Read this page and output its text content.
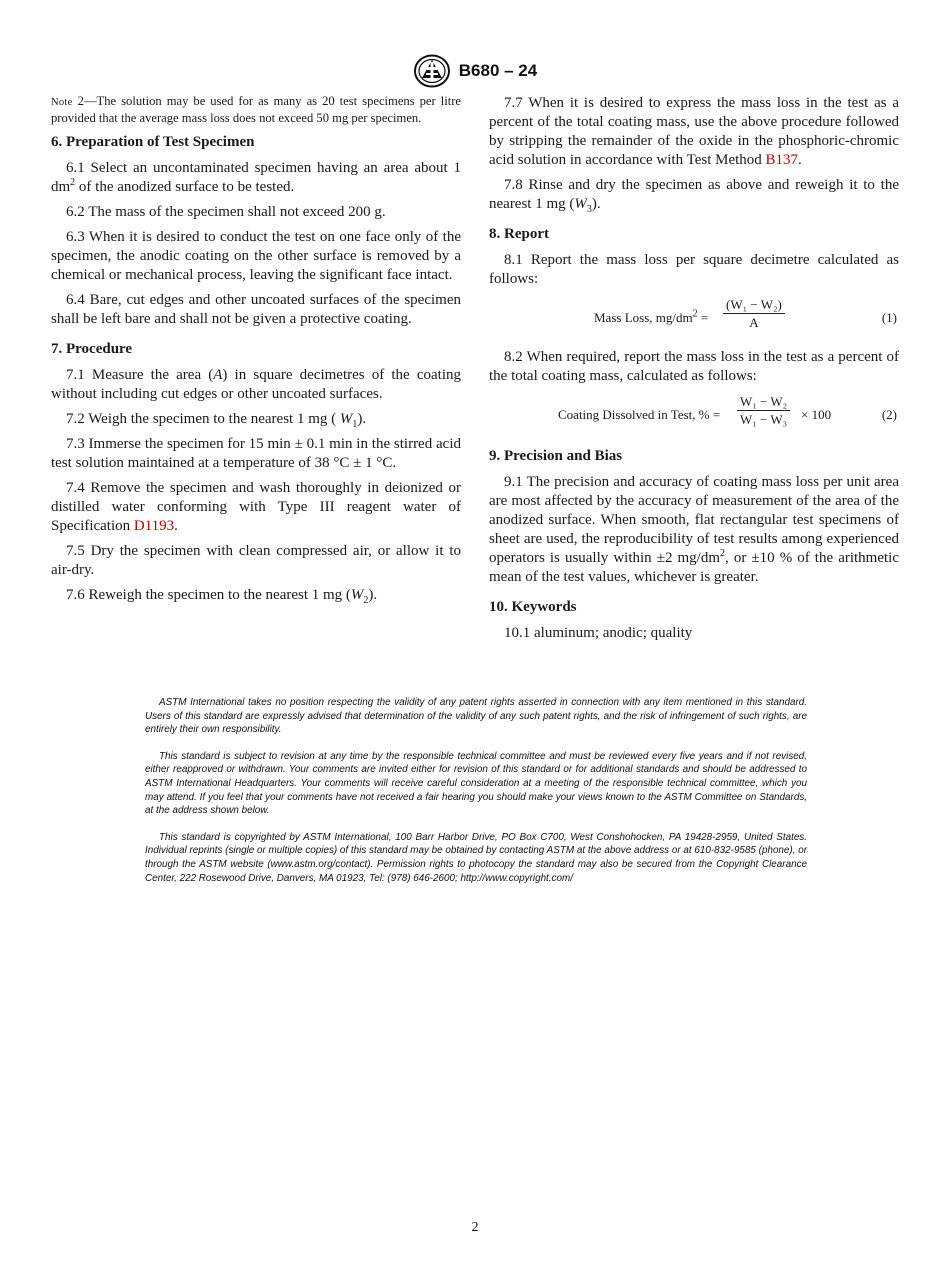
B680 – 24
Note 2—The solution may be used for as many as 20 test specimens per litre provided that the average mass loss does not exceed 50 mg per specimen.
6. Preparation of Test Specimen

6.1 Select an uncontaminated specimen having an area about 1 $dm^2$ of the anodized surface to be tested.

6.2 The mass of the specimen shall not exceed 200 g.

6.3 When it is desired to conduct the test on one face only of the specimen, the anodic coating on the other surface is removed by a chemical or mechanical process, leaving the significant face intact.

6.4 Bare, cut edges and other uncoated surfaces of the specimen shall be left bare and shall not be given a protective coating.

7. Procedure

7.1 Measure the area (A) in square decimetres of the coating without including cut edges or other uncoated surfaces.

7.2 Weigh the specimen to the nearest 1 mg ( $W_1$).

7.3 Immerse the specimen for 15 min ± 0.1 min in the stirred acid test solution maintained at a temperature of 38 °C ± 1 °C.

7.4 Remove the specimen and wash thoroughly in deionized or distilled water conforming with Type III reagent water of Specification D1193.

7.5 Dry the specimen with clean compressed air, or allow it to air-dry.

7.6 Reweigh the specimen to the nearest 1 mg $(W_2)$.

7.7 When it is desired to express the mass loss in the test as a percent of the total coating mass, use the above procedure followed by stripping the remainder of the oxide in the phosphoric-chromic acid solution in accordance with Test Method B137.

7.8 Rinse and dry the specimen as above and reweigh it to the nearest 1 mg $(W_3)$.

8. Report

8.1 Report the mass loss per square decimetre calculated as follows:

Mass Loss, $mg/dm^2 = \frac{\text{(W₁ − W₂)}}{A}$	(1)

8.2 When required, report the mass loss in the test as a percent of the total coating mass, calculated as follows:

Coating Dissolved in Test, % = $\frac{\text{W₁ − W₂}}{\text{W₁ − W₃}} \times 100$	(2)
9. Precision and Bias

9.1 The precision and accuracy of coating mass loss per unit area are most affected by the accuracy of measurement of the area of the anodized surface. When smooth, flat rectangular test specimens of sheet are used, the reproducibility of test results among experienced operators is usually within ±2 $mg/dm^2$, or ±10 % of the arithmetic mean of the test values, whichever is greater.

10. Keywords

10.1 aluminum; anodic; quality

ASTM International takes no position respecting the validity of any patent rights asserted in connection with any item mentioned in this standard. Users of this standard are expressly advised that determination of the validity of any such patent rights, and the risk of infringement of such rights, are entirely their own responsibility.

This standard is subject to revision at any time by the responsible technical committee and must be reviewed every five years and if not revised, either reapproved or withdrawn. Your comments are invited either for revision of this standard or for additional standards and should be addressed to ASTM International Headquarters. Your comments will receive careful consideration at a meeting of the responsible technical committee, which you may attend. If you feel that your comments have not received a fair hearing you should make your views known to the ASTM Committee on Standards, at the address shown below.

This standard is copyrighted by ASTM International, 100 Barr Harbor Drive, PO Box C700, West Conshohocken, PA 19428-2959, United States. Individual reprints (single or multiple copies) of this standard may be obtained by contacting ASTM at the above address or at 610-832-9585 (phone), or through the ASTM website (www.astm.org/contact). Permission rights to photocopy the standard may also be secured from the Copyright Clearance Center, 222 Rosewood Drive, Danvers, MA 01923, Tel: (978) 646-2600; http://www.copyright.com/

2
